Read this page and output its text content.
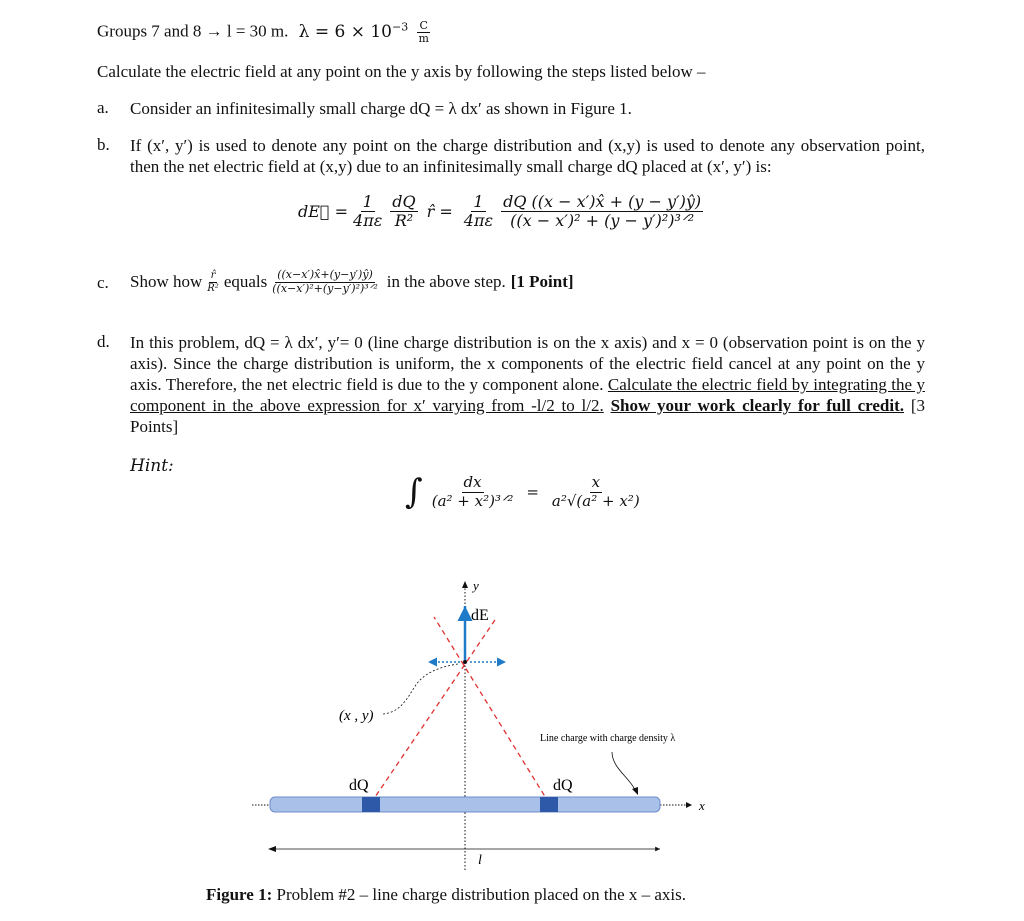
Groups 7 and 8 → l = 30 m. $\lambda = 6 \times 10^{-3} \frac{C}{m}$
Calculate the electric field at any point on the y axis by following the steps listed below –
a. Consider an infinitesimally small charge dQ = λ dx′ as shown in Figure 1.
b. If (x′, y′) is used to denote any point on the charge distribution and (x,y) is used to denote any observation point, then the net electric field at (x,y) due to an infinitesimally small charge dQ placed at (x′, y′) is:
dE⃗ = $\frac{1}{4\pi\varepsilon} \frac{dQ}{\text{R²}}$ r̂ = $\frac{1}{4\pi\varepsilon} \frac{dQ ((x - x')x̂ + (y - y')ŷ)}{\text{((x − x′)² + (y − y′)²)³ᐟ²}}$
c. Show how $\frac{r̂}{\text{R²}}$ equals $\frac{((x-x')x̂+(y-y')ŷ)}{\text{((x−x′)²+(y−y′)²)³ᐟ²}}$ in the above step. [1 Point]
d. In this problem, dQ = λ dx′, y′= 0 (line charge distribution is on the x axis) and x = 0 (observation point is on the y axis). Since the charge distribution is uniform, the x components of the electric field cancel at any point on the y axis. Therefore, the net electric field is due to the y component alone. Calculate the electric field by integrating the y component in the above expression for x′ varying from -l/2 to l/2. Show your work clearly for full credit. [3 Points]
Hint:
∫ $\frac{dx}{\text{(a² + x²)³ᐟ²}} = \frac{x}{\text{a²√(a² + x²)}}$
y
dE
(x , y)
Line charge with charge density λ
dQ	dQ
x
l
Figure 1: Problem #2 – line charge distribution placed on the x – axis.
